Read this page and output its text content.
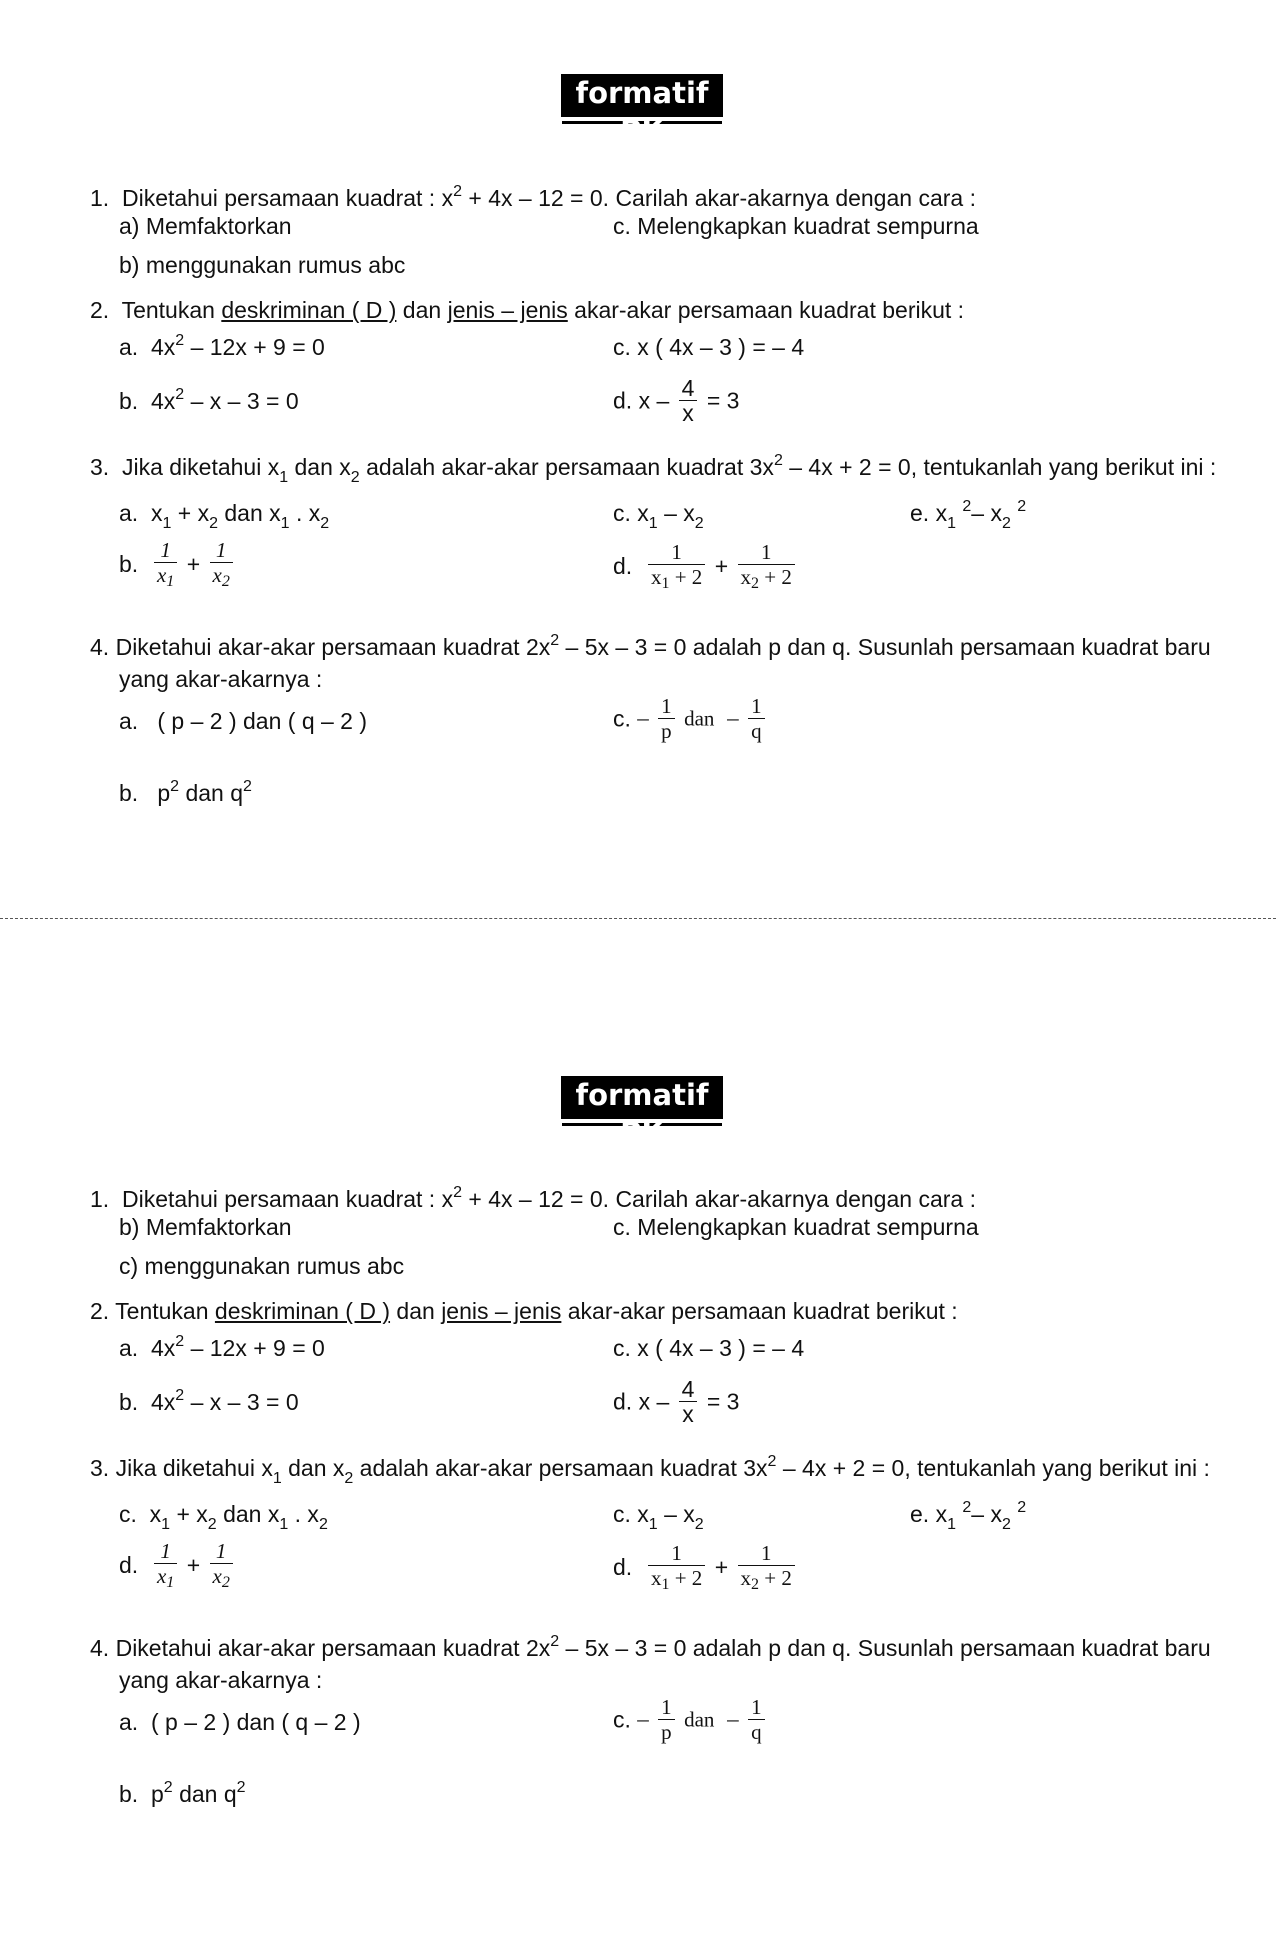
formatif PK
1. Diketahui persamaan kuadrat : $x^2 + 4x - 12 = 0$. Carilah akar-akarnya dengan cara :
a) Memfaktorkan	c. Melengkapkan kuadrat sempurna
b) menggunakan rumus abc
2. Tentukan deskriminan ( D ) dan jenis – jenis akar-akar persamaan kuadrat berikut :
a. $4x^2 - 12x + 9 = 0$	c. x ( 4x – 3 ) = – 4
b. $4x^2 - x - 3 = 0$	d. $x - \frac{4}{x} = 3$
3. Jika diketahui $x_1$ dan $x_2$ adalah akar-akar persamaan kuadrat $3x^2 - 4x + 2 = 0$, tentukanlah yang berikut ini :
a. $x_1 + x_2$ dan $x_1$ . $x_2$	c. $x_1 - x_2$	e. $x_1$ $^2$– $x_2$ $^2$
b. $\frac{1}{x1} + \frac{1}{x2}$	d. $\frac{1}{x1 + 2} + \frac{1}{x2 + 2}$
4. Diketahui akar-akar persamaan kuadrat $2x^2 - 5x - 3 = 0$ adalah p dan q. Susunlah persamaan kuadrat baru
yang akar-akarnya :
a. ( p – 2 ) dan ( q – 2 )	c. – $\frac{1}{p}$ dan – $\frac{1}{q}$
b. $p^2$ dan $q^2$
formatif PK
1. Diketahui persamaan kuadrat : $x^2 + 4x - 12 = 0$. Carilah akar-akarnya dengan cara :
b) Memfaktorkan	c. Melengkapkan kuadrat sempurna
c) menggunakan rumus abc
2. Tentukan deskriminan ( D ) dan jenis – jenis akar-akar persamaan kuadrat berikut :
a. $4x^2 - 12x + 9 = 0$	c. x ( 4x – 3 ) = – 4
b. $4x^2 - x - 3 = 0$	d. $x - \frac{4}{x} = 3$
3. Jika diketahui $x_1$ dan $x_2$ adalah akar-akar persamaan kuadrat $3x^2 - 4x + 2 = 0$, tentukanlah yang berikut ini :
c. $x_1 + x_2$ dan $x_1$ . $x_2$	c. $x_1 - x_2$	e. $x_1$ $^2$– $x_2$ $^2$
d. $\frac{1}{x1} + \frac{1}{x2}$	d. $\frac{1}{x1 + 2} + \frac{1}{x2 + 2}$
4. Diketahui akar-akar persamaan kuadrat $2x^2 - 5x - 3 = 0$ adalah p dan q. Susunlah persamaan kuadrat baru
yang akar-akarnya :
a. ( p – 2 ) dan ( q – 2 )	c. – $\frac{1}{p}$ dan – $\frac{1}{q}$
b. $p^2$ dan $q^2$
